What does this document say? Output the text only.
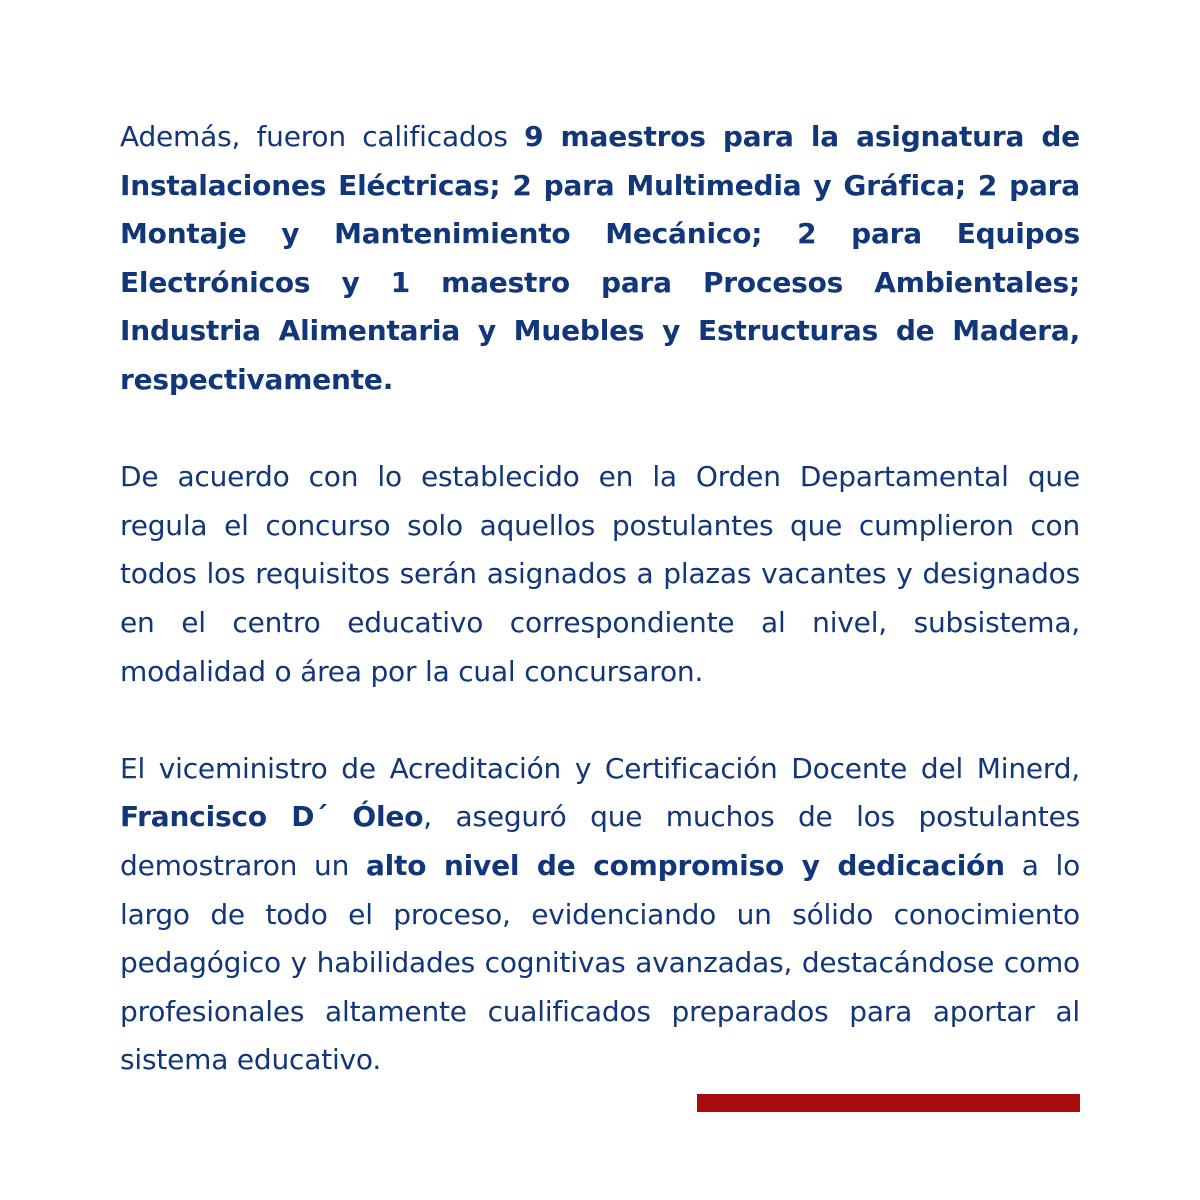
Además, fueron calificados 9 maestros para la asignatura de Instalaciones Eléctricas; 2 para Multimedia y Gráfica; 2 para Montaje y Mantenimiento Mecánico; 2 para Equipos Electrónicos y 1 maestro para Procesos Ambientales; Industria Alimentaria y Muebles y Estructuras de Madera, respectivamente.

De acuerdo con lo establecido en la Orden Departamental que regula el concurso solo aquellos postulantes que cumplieron con todos los requisitos serán asignados a plazas vacantes y designados en el centro educativo correspondiente al nivel, subsistema, modalidad o área por la cual concursaron.

El viceministro de Acreditación y Certificación Docente del Minerd, Francisco D´ Óleo, aseguró que muchos de los postulantes demostraron un alto nivel de compromiso y dedicación a lo largo de todo el proceso, evidenciando un sólido conocimiento pedagógico y habilidades cognitivas avanzadas, destacándose como profesionales altamente cualificados preparados para aportar al sistema educativo.
